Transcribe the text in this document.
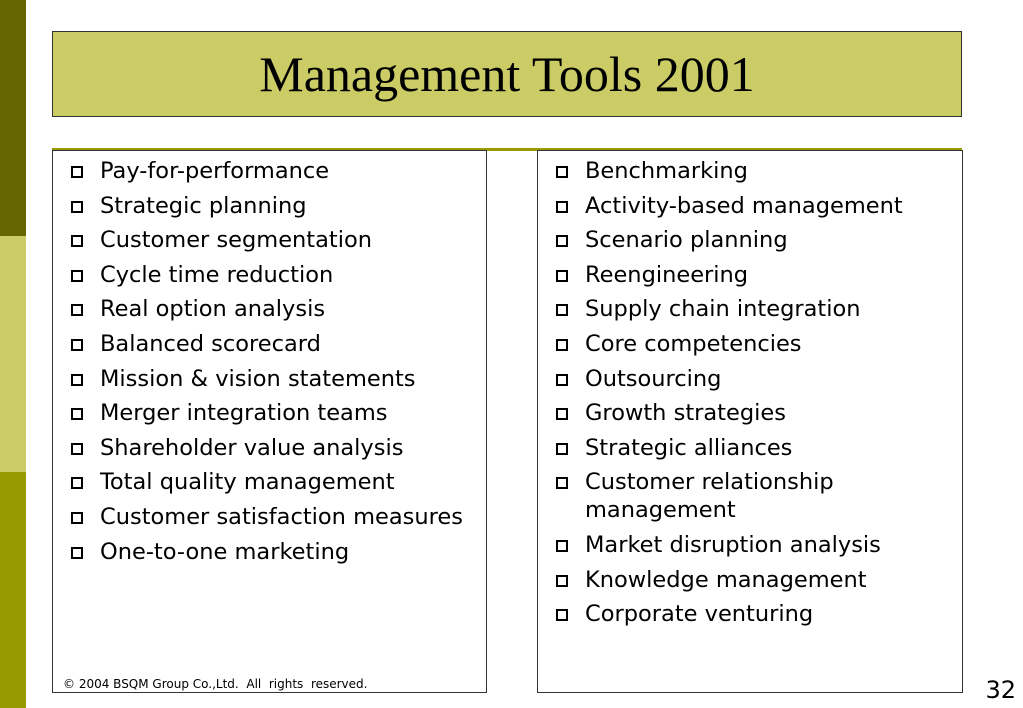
Management Tools 2001
Pay-for-performance
Strategic planning
Customer segmentation
Cycle time reduction
Real option analysis
Balanced scorecard
Mission & vision statements
Merger integration teams
Shareholder value analysis
Total quality management
Customer satisfaction measures
One-to-one marketing
© 2004 BSQM Group Co.,Ltd.  All  rights  reserved.
Benchmarking
Activity-based management
Scenario planning
Reengineering
Supply chain integration
Core competencies
Outsourcing
Growth strategies
Strategic alliances
Customer relationship management
Market disruption analysis
Knowledge management
Corporate venturing
32
